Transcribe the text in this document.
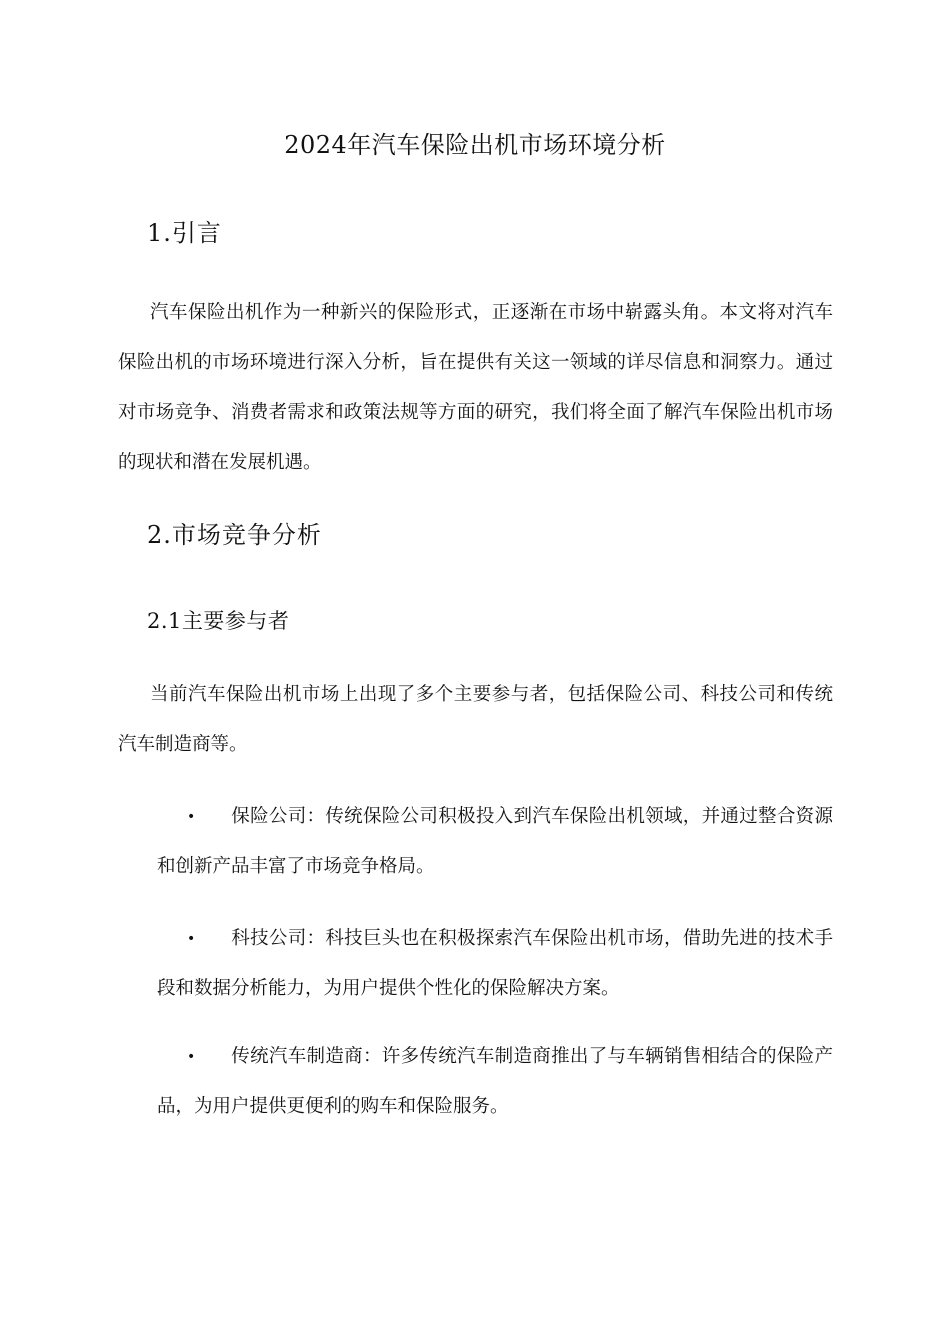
2024年汽车保险出机市场环境分析
1.引言

汽车保险出机作为一种新兴的保险形式，正逐渐在市场中崭露头角。本文将对汽车保险出机的市场环境进行深入分析，旨在提供有关这一领域的详尽信息和洞察力。通过对市场竞争、消费者需求和政策法规等方面的研究，我们将全面了解汽车保险出机市场的现状和潜在发展机遇。

2.市场竞争分析
2.1主要参与者

当前汽车保险出机市场上出现了多个主要参与者，包括保险公司、科技公司和传统汽车制造商等。

• 保险公司：传统保险公司积极投入到汽车保险出机领域，并通过整合资源和创新产品丰富了市场竞争格局。

• 科技公司：科技巨头也在积极探索汽车保险出机市场，借助先进的技术手段和数据分析能力，为用户提供个性化的保险解决方案。

• 传统汽车制造商：许多传统汽车制造商推出了与车辆销售相结合的保险产品，为用户提供更便利的购车和保险服务。
